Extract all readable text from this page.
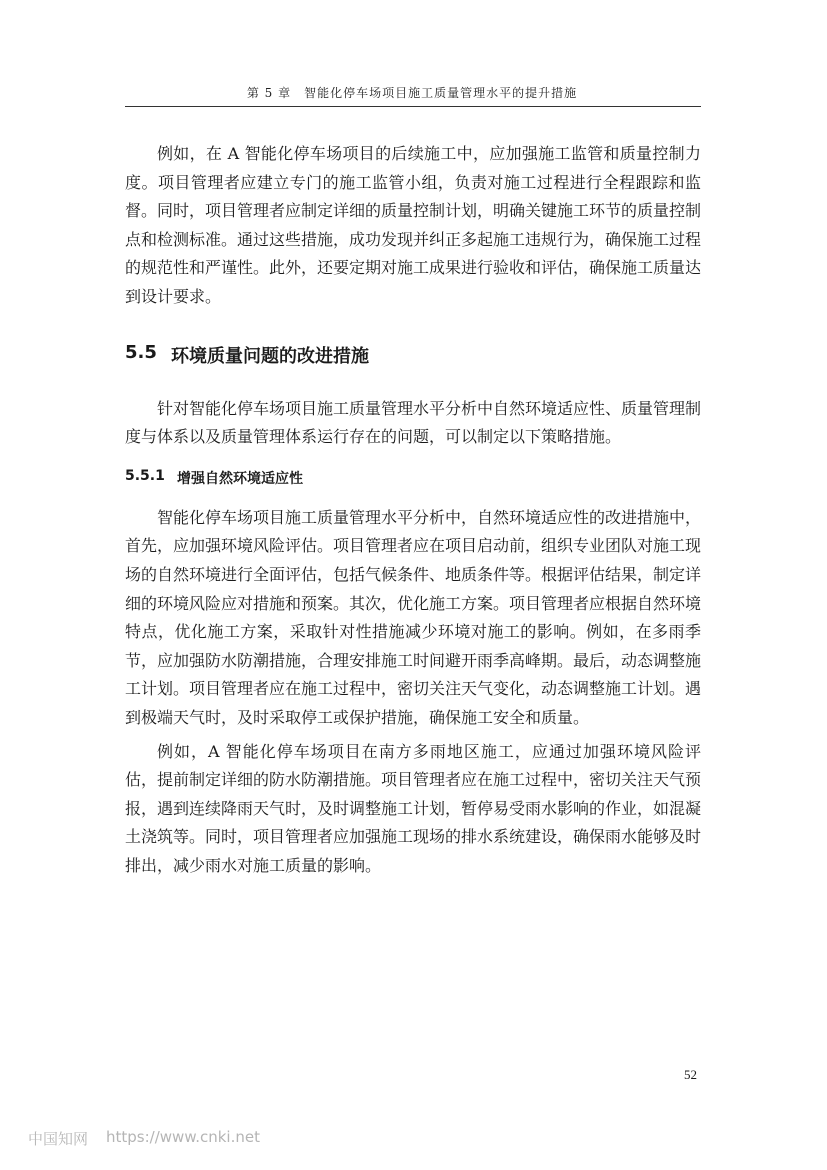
第 5 章　智能化停车场项目施工质量管理水平的提升措施

例如，在 A 智能化停车场项目的后续施工中，应加强施工监管和质量控制力度。项目管理者应建立专门的施工监管小组，负责对施工过程进行全程跟踪和监督。同时，项目管理者应制定详细的质量控制计划，明确关键施工环节的质量控制点和检测标准。通过这些措施，成功发现并纠正多起施工违规行为，确保施工过程的规范性和严谨性。此外，还要定期对施工成果进行验收和评估，确保施工质量达到设计要求。

5.5 环境质量问题的改进措施

针对智能化停车场项目施工质量管理水平分析中自然环境适应性、质量管理制度与体系以及质量管理体系运行存在的问题，可以制定以下策略措施。

5.5.1 增强自然环境适应性

智能化停车场项目施工质量管理水平分析中，自然环境适应性的改进措施中，首先，应加强环境风险评估。项目管理者应在项目启动前，组织专业团队对施工现场的自然环境进行全面评估，包括气候条件、地质条件等。根据评估结果，制定详细的环境风险应对措施和预案。其次，优化施工方案。项目管理者应根据自然环境特点，优化施工方案，采取针对性措施减少环境对施工的影响。例如，在多雨季节，应加强防水防潮措施，合理安排施工时间避开雨季高峰期。最后，动态调整施工计划。项目管理者应在施工过程中，密切关注天气变化，动态调整施工计划。遇到极端天气时，及时采取停工或保护措施，确保施工安全和质量。

例如，A 智能化停车场项目在南方多雨地区施工，应通过加强环境风险评估，提前制定详细的防水防潮措施。项目管理者应在施工过程中，密切关注天气预报，遇到连续降雨天气时，及时调整施工计划，暂停易受雨水影响的作业，如混凝土浇筑等。同时，项目管理者应加强施工现场的排水系统建设，确保雨水能够及时排出，减少雨水对施工质量的影响。

52
中国知网 https://www.cnki.net
